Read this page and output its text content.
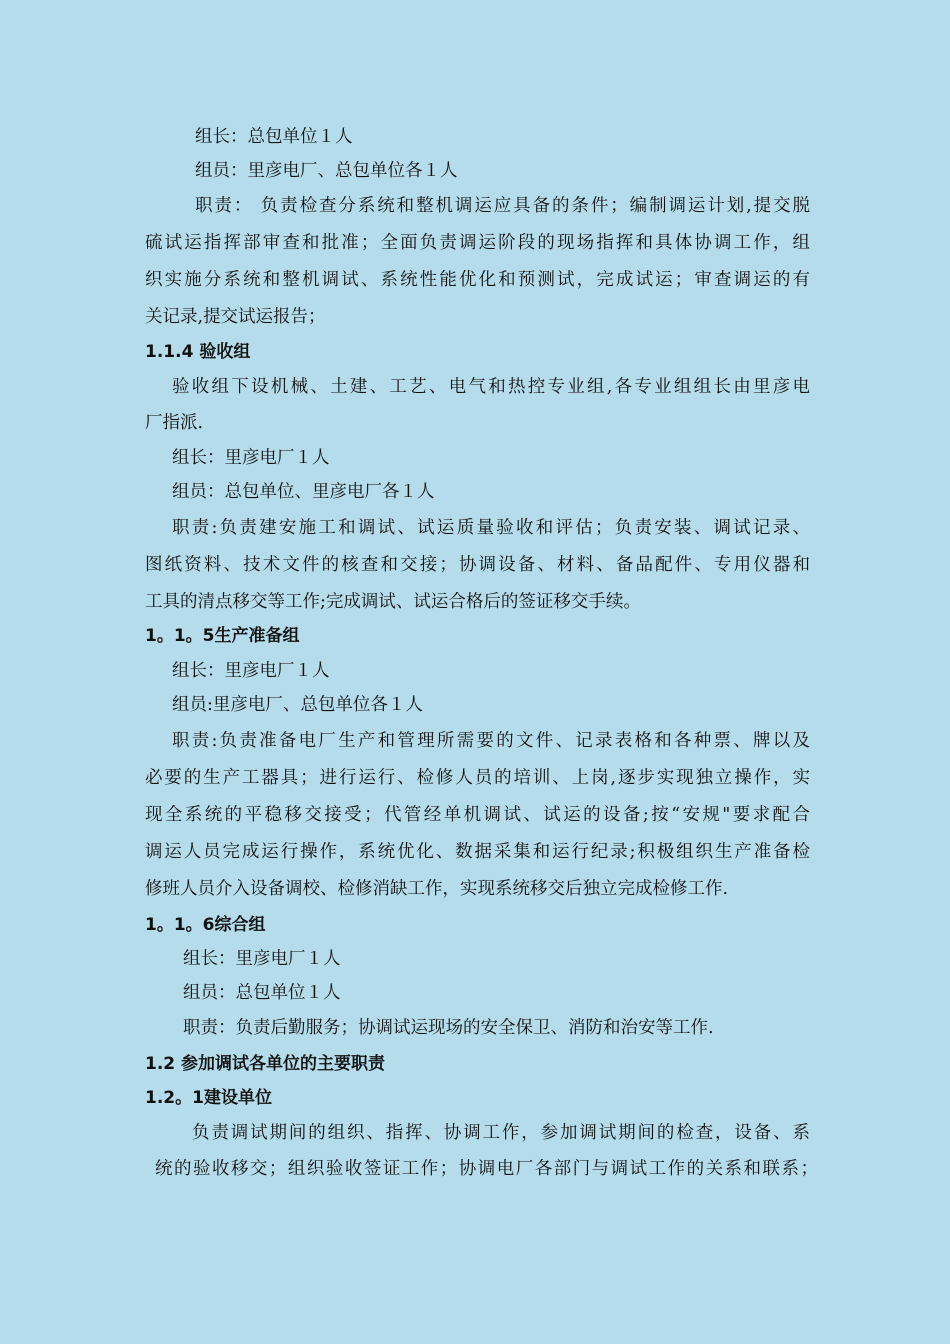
组长：总包单位１人
组员：里彦电厂、总包单位各１人
职责： 负责检查分系统和整机调运应具备的条件；编制调运计划,提交脱
硫试运指挥部审查和批准；全面负责调运阶段的现场指挥和具体协调工作，组
织实施分系统和整机调试、系统性能优化和预测试，完成试运；审查调运的有
关记录,提交试运报告；
1.1.4 验收组
验收组下设机械、土建、工艺、电气和热控专业组,各专业组组长由里彦电
厂指派.
组长：里彦电厂１人
组员：总包单位、里彦电厂各１人
职责:负责建安施工和调试、试运质量验收和评估；负责安装、调试记录、
图纸资料、技术文件的核查和交接；协调设备、材料、备品配件、专用仪器和
工具的清点移交等工作;完成调试、试运合格后的签证移交手续。
1。1。5生产准备组
组长：里彦电厂１人
组员:里彦电厂、总包单位各１人
职责:负责准备电厂生产和管理所需要的文件、记录表格和各种票、牌以及
必要的生产工器具；进行运行、检修人员的培训、上岗,逐步实现独立操作，实
现全系统的平稳移交接受；代管经单机调试、试运的设备;按“安规"要求配合
调运人员完成运行操作，系统优化、数据采集和运行纪录;积极组织生产准备检
修班人员介入设备调校、检修消缺工作，实现系统移交后独立完成检修工作.
1。1。6综合组
组长：里彦电厂１人
组员：总包单位１人
职责：负责后勤服务；协调试运现场的安全保卫、消防和治安等工作.
1.2 参加调试各单位的主要职责
1.2。1建设单位
负责调试期间的组织、指挥、协调工作，参加调试期间的检查，设备、系
统的验收移交；组织验收签证工作；协调电厂各部门与调试工作的关系和联系；
